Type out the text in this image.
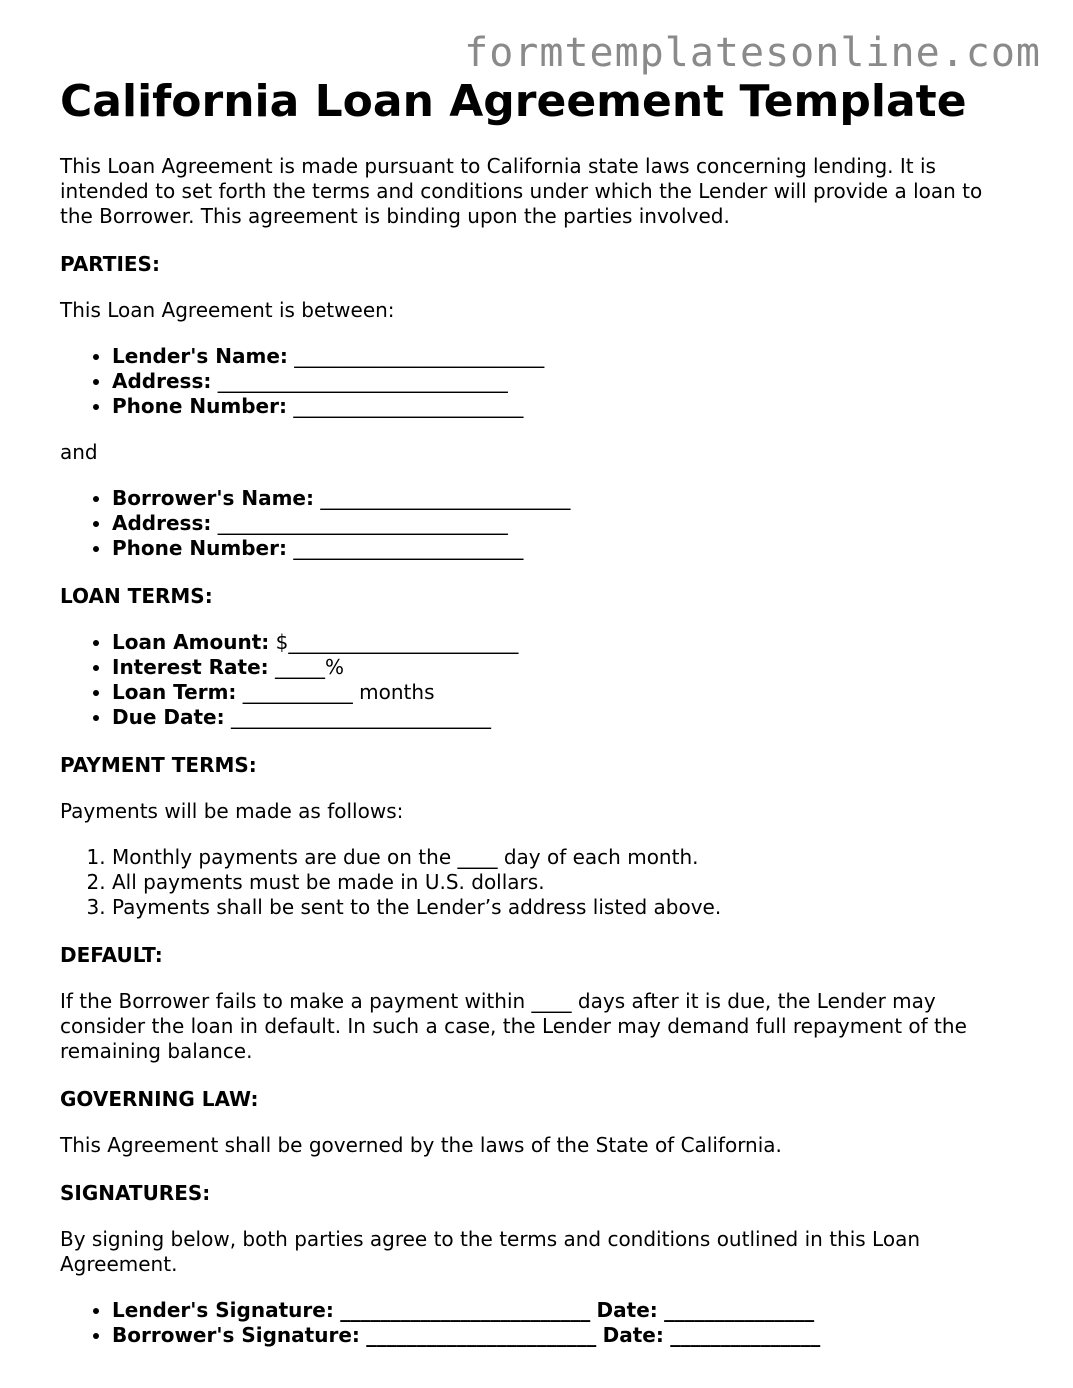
formtemplatesonline.com
California Loan Agreement Template

This Loan Agreement is made pursuant to California state laws concerning lending. It is intended to set forth the terms and conditions under which the Lender will provide a loan to the Borrower. This agreement is binding upon the parties involved.

PARTIES:

This Loan Agreement is between:

• Lender's Name: _________________________
• Address: _____________________________
• Phone Number: _______________________

and

• Borrower's Name: _________________________
• Address: _____________________________
• Phone Number: _______________________

LOAN TERMS:

• Loan Amount: $_______________________
• Interest Rate: _____%
• Loan Term: ___________ months
• Due Date: __________________________

PAYMENT TERMS:

Payments will be made as follows:

1. Monthly payments are due on the ____ day of each month.
2. All payments must be made in U.S. dollars.
3. Payments shall be sent to the Lender’s address listed above.

DEFAULT:

If the Borrower fails to make a payment within ____ days after it is due, the Lender may consider the loan in default. In such a case, the Lender may demand full repayment of the remaining balance.

GOVERNING LAW:

This Agreement shall be governed by the laws of the State of California.

SIGNATURES:

By signing below, both parties agree to the terms and conditions outlined in this Loan Agreement.

• Lender's Signature: _________________________ Date: _______________
• Borrower's Signature: _______________________ Date: _______________
